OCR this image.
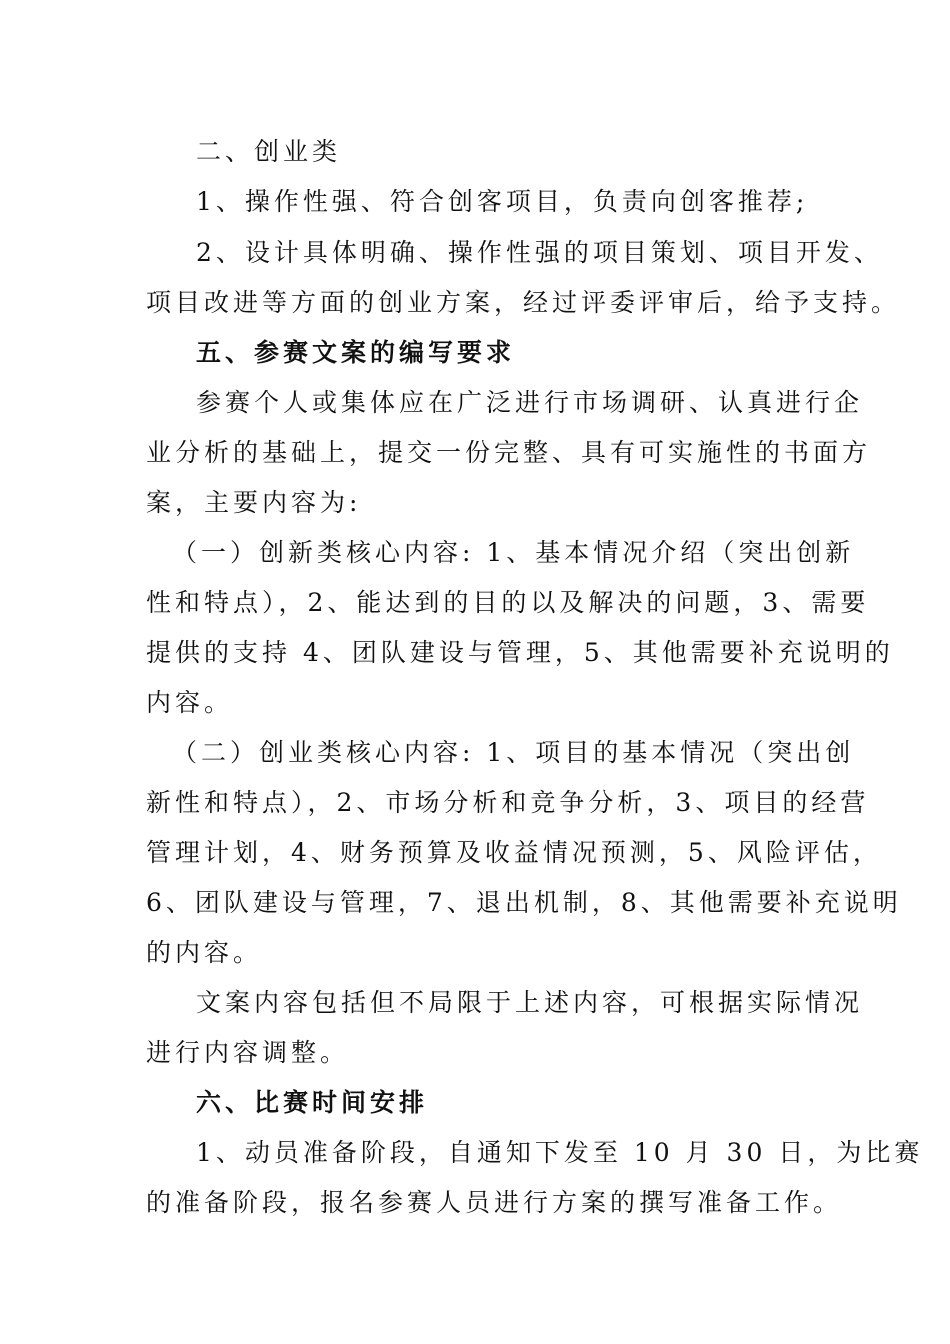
二、创业类
1、操作性强、符合创客项目，负责向创客推荐;
2、设计具体明确、操作性强的项目策划、项目开发、
项目改进等方面的创业方案，经过评委评审后，给予支持。
五、参赛文案的编写要求
参赛个人或集体应在广泛进行市场调研、认真进行企
业分析的基础上，提交一份完整、具有可实施性的书面方
案，主要内容为:
（一）创新类核心内容: 1、基本情况介绍（突出创新
性和特点），2、能达到的目的以及解决的问题，3、需要
提供的支持 4、团队建设与管理，5、其他需要补充说明的
内容。
（二）创业类核心内容: 1、项目的基本情况（突出创
新性和特点），2、市场分析和竞争分析，3、项目的经营
管理计划，4、财务预算及收益情况预测，5、风险评估，
6、团队建设与管理，7、退出机制，8、其他需要补充说明
的内容。
文案内容包括但不局限于上述内容，可根据实际情况
进行内容调整。
六、比赛时间安排
1、动员准备阶段，自通知下发至 10 月 30 日，为比赛
的准备阶段，报名参赛人员进行方案的撰写准备工作。
